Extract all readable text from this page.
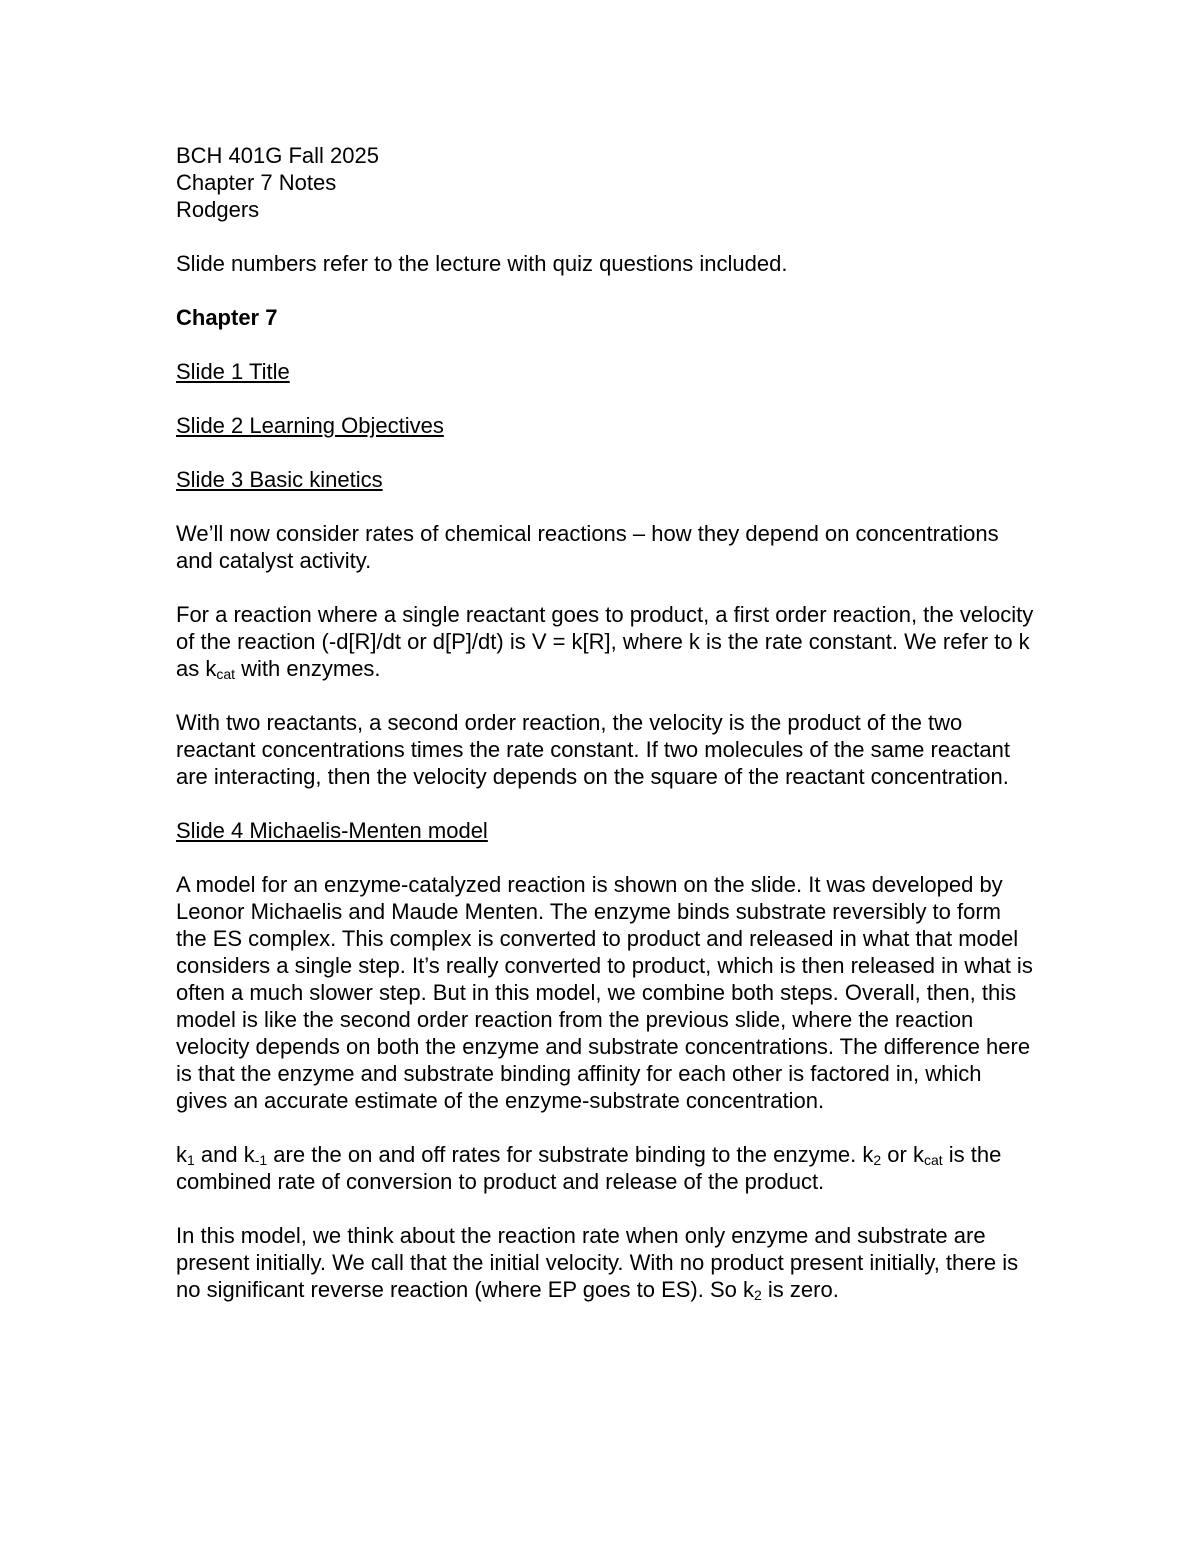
BCH 401G Fall 2025

Chapter 7 Notes

Rodgers

Slide numbers refer to the lecture with quiz questions included.

Chapter 7

Slide 1 Title

Slide 2 Learning Objectives

Slide 3 Basic kinetics

We’ll now consider rates of chemical reactions – how they depend on concentrations and catalyst activity.

For a reaction where a single reactant goes to product, a first order reaction, the velocity of the reaction (-d[R]/dt or d[P]/dt) is V = k[R], where k is the rate constant. We refer to k as $k_{cat}$ with enzymes.

With two reactants, a second order reaction, the velocity is the product of the two reactant concentrations times the rate constant. If two molecules of the same reactant are interacting, then the velocity depends on the square of the reactant concentration.

Slide 4 Michaelis-Menten model

A model for an enzyme-catalyzed reaction is shown on the slide. It was developed by Leonor Michaelis and Maude Menten. The enzyme binds substrate reversibly to form the ES complex. This complex is converted to product and released in what that model considers a single step. It’s really converted to product, which is then released in what is often a much slower step. But in this model, we combine both steps. Overall, then, this model is like the second order reaction from the previous slide, where the reaction velocity depends on both the enzyme and substrate concentrations. The difference here is that the enzyme and substrate binding affinity for each other is factored in, which gives an accurate estimate of the enzyme-substrate concentration.

$k_1$ and $k_{-1}$ are the on and off rates for substrate binding to the enzyme. $k_2$ or $k_{cat}$ is the combined rate of conversion to product and release of the product.

In this model, we think about the reaction rate when only enzyme and substrate are present initially. We call that the initial velocity. With no product present initially, there is no significant reverse reaction (where EP goes to ES). So $k_2$ is zero.
